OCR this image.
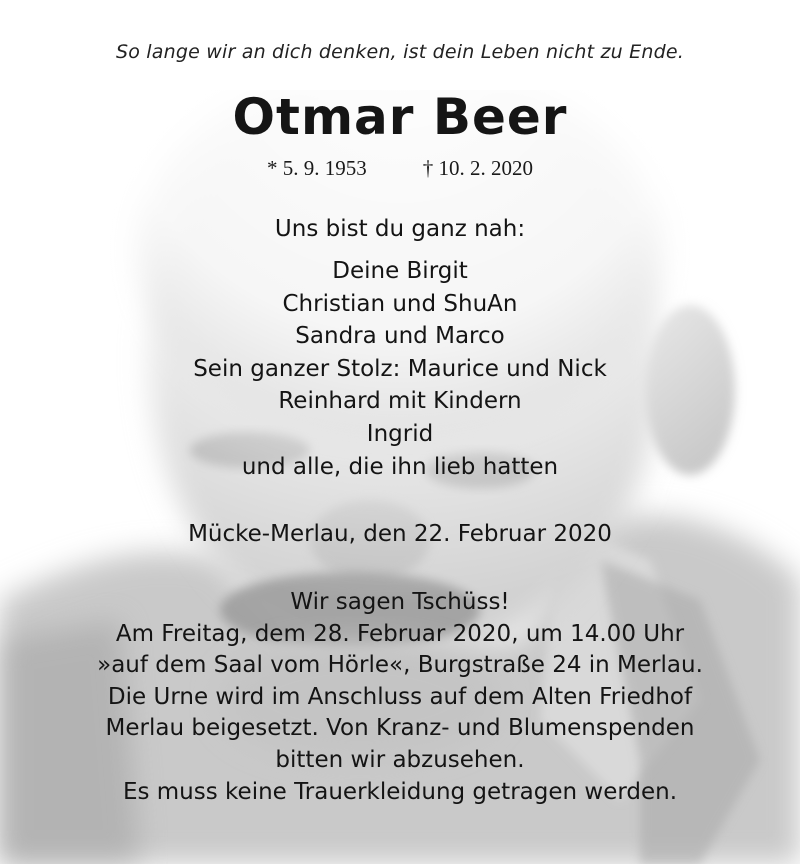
So lange wir an dich denken, ist dein Leben nicht zu Ende.
Otmar Beer
* 5. 9. 1953	† 10. 2. 2020
Uns bist du ganz nah:
Deine Birgit
Christian und ShuAn
Sandra und Marco
Sein ganzer Stolz: Maurice und Nick
Reinhard mit Kindern
Ingrid
und alle, die ihn lieb hatten
Mücke-Merlau, den 22. Februar 2020
Wir sagen Tschüss!
Am Freitag, dem 28. Februar 2020, um 14.00 Uhr
»auf dem Saal vom Hörle«, Burgstraße 24 in Merlau.
Die Urne wird im Anschluss auf dem Alten Friedhof
Merlau beigesetzt. Von Kranz- und Blumenspenden
bitten wir abzusehen.
Es muss keine Trauerkleidung getragen werden.
